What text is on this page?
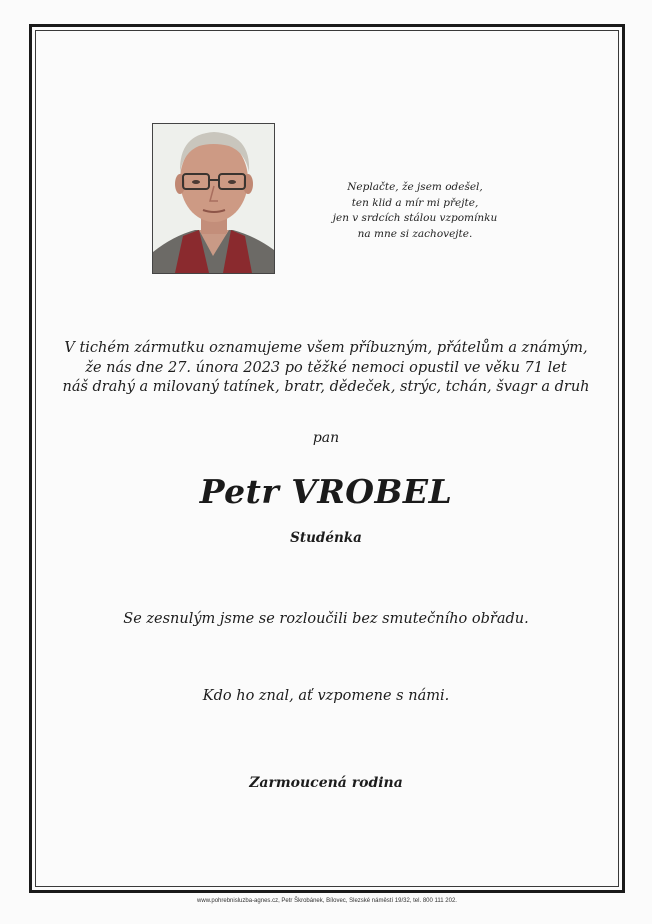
Neplačte, že jsem odešel,
ten klid a mír mi přejte,
jen v srdcích stálou vzpomínku
na mne si zachovejte.
V tichém zármutku oznamujeme všem příbuzným, přátelům a známým,
že nás dne 27. února 2023 po těžké nemoci opustil ve věku 71 let
náš drahý a milovaný tatínek, bratr, dědeček, strýc, tchán, švagr a druh
pan
Petr VROBEL
Studénka
Se zesnulým jsme se rozloučili bez smutečního obřadu.
Kdo ho znal, ať vzpomene s námi.
Zarmoucená rodina
www.pohrebnisluzba-agnes.cz, Petr Škrobánek, Bílovec, Slezské náměstí 19/32, tel. 800 111 202.
